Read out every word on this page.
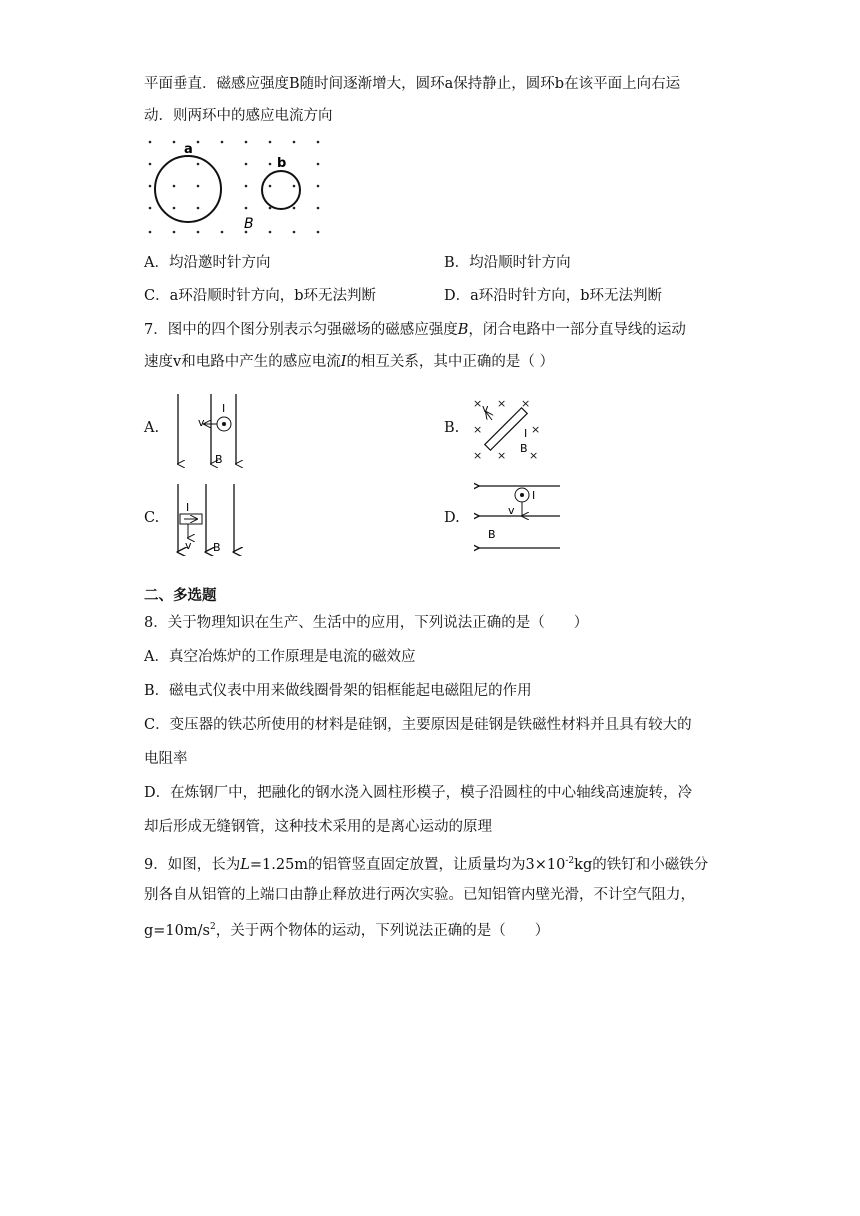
平面垂直．磁感应强度B随时间逐渐增大，圆环a保持静止，圆环b在该平面上向右运
动．则两环中的感应电流方向
a
b
B
A．均沿邀时针方向	B．均沿顺时针方向
C．a环沿顺时针方向，b环无法判断	D．a环沿时针方向，b环无法判断
7．图中的四个图分别表示匀强磁场的磁感应强度B，闭合电路中一部分直导线的运动
速度v和电路中产生的感应电流I的相互关系，其中正确的是（ ）
A.	v
I
B
B.
× × ×
×
×
× × ×
v
I
B
C.
I
v B
D.
I
v
B
二、多选题
8．关于物理知识在生产、生活中的应用，下列说法正确的是（　　）
A．真空冶炼炉的工作原理是电流的磁效应
B．磁电式仪表中用来做线圈骨架的铝框能起电磁阻尼的作用
C．变压器的铁芯所使用的材料是硅钢，主要原因是硅钢是铁磁性材料并且具有较大的
电阻率
D．在炼钢厂中，把融化的钢水浇入圆柱形模子，模子沿圆柱的中心轴线高速旋转，冷
却后形成无缝钢管，这种技术采用的是离心运动的原理
9．如图，长为L=1.25m的铝管竖直固定放置，让质量均为$3\times 10^{-2}kg$的铁钉和小磁铁分
别各自从铝管的上端口由静止释放进行两次实验。已知铝管内壁光滑，不计空气阻力，
$g=10m/s^2$，关于两个物体的运动，下列说法正确的是（　　）
